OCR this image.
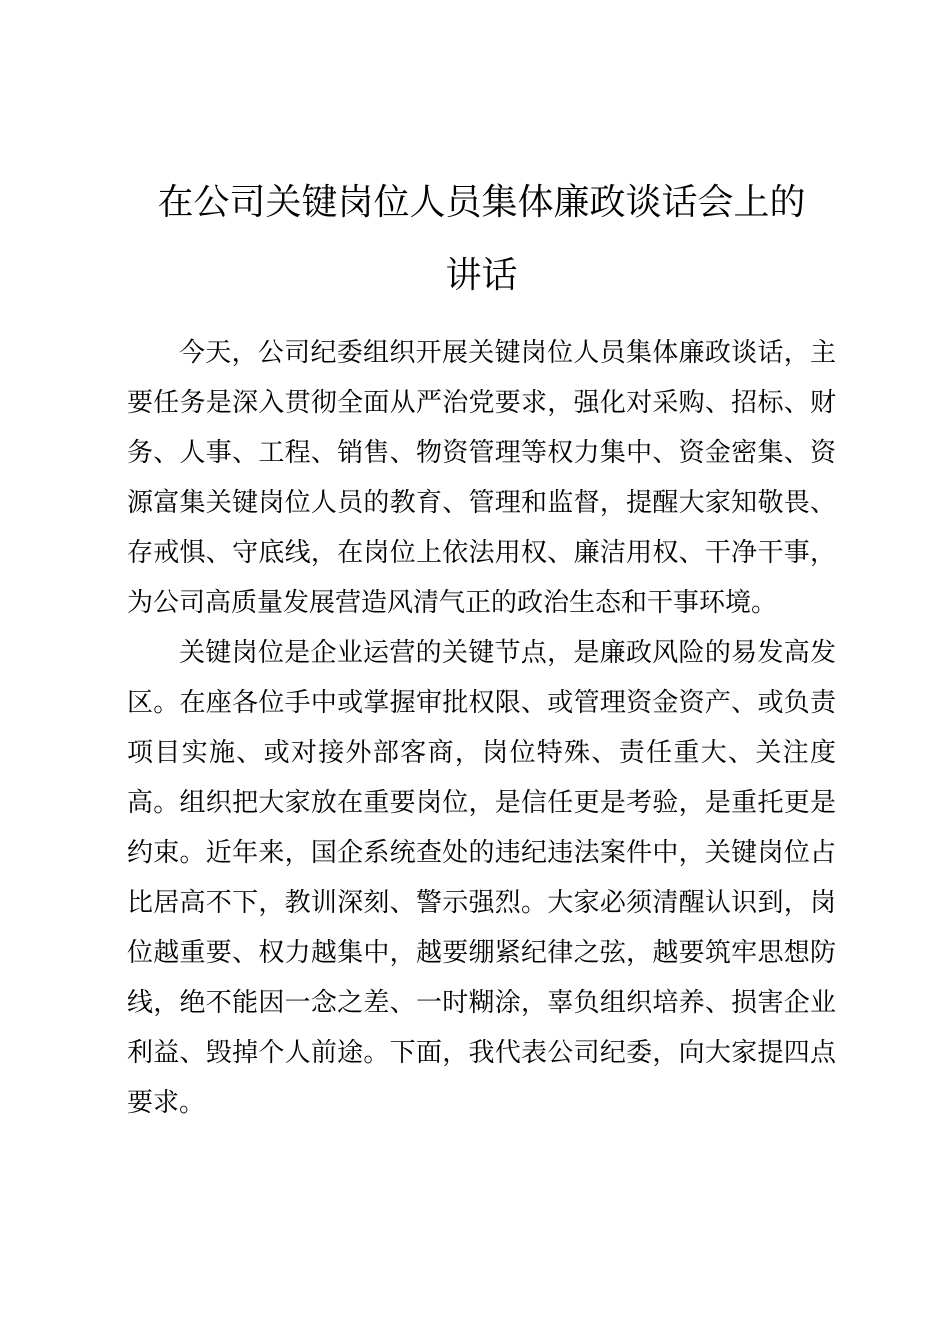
在公司关键岗位人员集体廉政谈话会上的
讲话
今天，公司纪委组织开展关键岗位人员集体廉政谈话，主
要任务是深入贯彻全面从严治党要求，强化对采购、招标、财
务、人事、工程、销售、物资管理等权力集中、资金密集、资
源富集关键岗位人员的教育、管理和监督，提醒大家知敬畏、
存戒惧、守底线，在岗位上依法用权、廉洁用权、干净干事，
为公司高质量发展营造风清气正的政治生态和干事环境。
关键岗位是企业运营的关键节点，是廉政风险的易发高发
区。在座各位手中或掌握审批权限、或管理资金资产、或负责
项目实施、或对接外部客商，岗位特殊、责任重大、关注度
高。组织把大家放在重要岗位，是信任更是考验，是重托更是
约束。近年来，国企系统查处的违纪违法案件中，关键岗位占
比居高不下，教训深刻、警示强烈。大家必须清醒认识到，岗
位越重要、权力越集中，越要绷紧纪律之弦，越要筑牢思想防
线，绝不能因一念之差、一时糊涂，辜负组织培养、损害企业
利益、毁掉个人前途。下面，我代表公司纪委，向大家提四点
要求。
